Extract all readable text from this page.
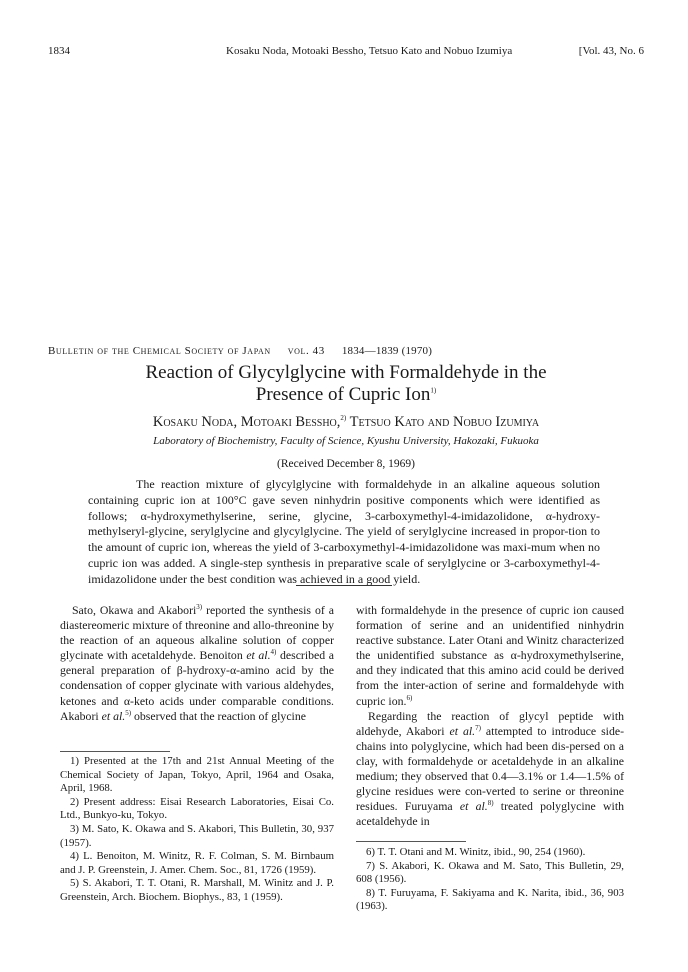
1834	Kosaku Noda, Motoaki Bessho, Tetsuo Kato and Nobuo Izumiya	[Vol. 43, No. 6
Bulletin of the Chemical Society of Japan vol. 43 1834—1839 (1970)
Reaction of Glycylglycine with Formaldehyde in the
Presence of Cupric Ion$^{1)}$
Kosaku Noda, Motoaki Bessho,$^{2)}$ Tetsuo Kato and Nobuo Izumiya
Laboratory of Biochemistry, Faculty of Science, Kyushu University, Hakozaki, Fukuoka
(Received December 8, 1969)
The reaction mixture of glycylglycine with formaldehyde in an alkaline aqueous solution containing cupric ion at 100°C gave seven ninhydrin positive components which were identified as follows; α-hydroxymethylserine, serine, glycine, 3-carboxymethyl-4-imidazolidone, α-hydroxy-methylseryl-glycine, serylglycine and glycylglycine. The yield of serylglycine increased in propor-tion to the amount of cupric ion, whereas the yield of 3-carboxymethyl-4-imidazolidone was maxi-mum when no cupric ion was added. A single-step synthesis in preparative scale of serylglycine or 3-carboxymethyl-4-imidazolidone under the best condition was achieved in a good yield.

Sato, Okawa and Akabori$^{3)}$ reported the synthesis of a diastereomeric mixture of threonine and allo-threonine by the reaction of an aqueous alkaline solution of copper glycinate with acetaldehyde. Benoiton et al.$^{4)}$ described a general preparation of β-hydroxy-α-amino acid by the condensation of copper glycinate with various aldehydes, ketones and α-keto acids under comparable conditions. Akabori et al.$^{5)}$ observed that the reaction of glycine

with formaldehyde in the presence of cupric ion caused formation of serine and an unidentified ninhydrin reactive substance. Later Otani and Winitz characterized the unidentified substance as α-hydroxymethylserine, and they indicated that this amino acid could be derived from the inter-action of serine and formaldehyde with cupric ion.$^{6)}$

Regarding the reaction of glycyl peptide with aldehyde, Akabori et al.$^{7)}$ attempted to introduce side-chains into polyglycine, which had been dis-persed on a clay, with formaldehyde or acetaldehyde in an alkaline medium; they observed that 0.4—3.1% or 1.4—1.5% of glycine residues were con-verted to serine or threonine residues. Furuyama et al.$^{8)}$ treated polyglycine with acetaldehyde in

1) Presented at the 17th and 21st Annual Meeting of the Chemical Society of Japan, Tokyo, April, 1964 and Osaka, April, 1968.
2) Present address: Eisai Research Laboratories, Eisai Co. Ltd., Bunkyo-ku, Tokyo.
3) M. Sato, K. Okawa and S. Akabori, This Bulletin, 30, 937 (1957).
4) L. Benoiton, M. Winitz, R. F. Colman, S. M. Birnbaum and J. P. Greenstein, J. Amer. Chem. Soc., 81, 1726 (1959).
5) S. Akabori, T. T. Otani, R. Marshall, M. Winitz and J. P. Greenstein, Arch. Biochem. Biophys., 83, 1 (1959).
6) T. T. Otani and M. Winitz, ibid., 90, 254 (1960).
7) S. Akabori, K. Okawa and M. Sato, This Bulletin, 29, 608 (1956).
8) T. Furuyama, F. Sakiyama and K. Narita, ibid., 36, 903 (1963).
